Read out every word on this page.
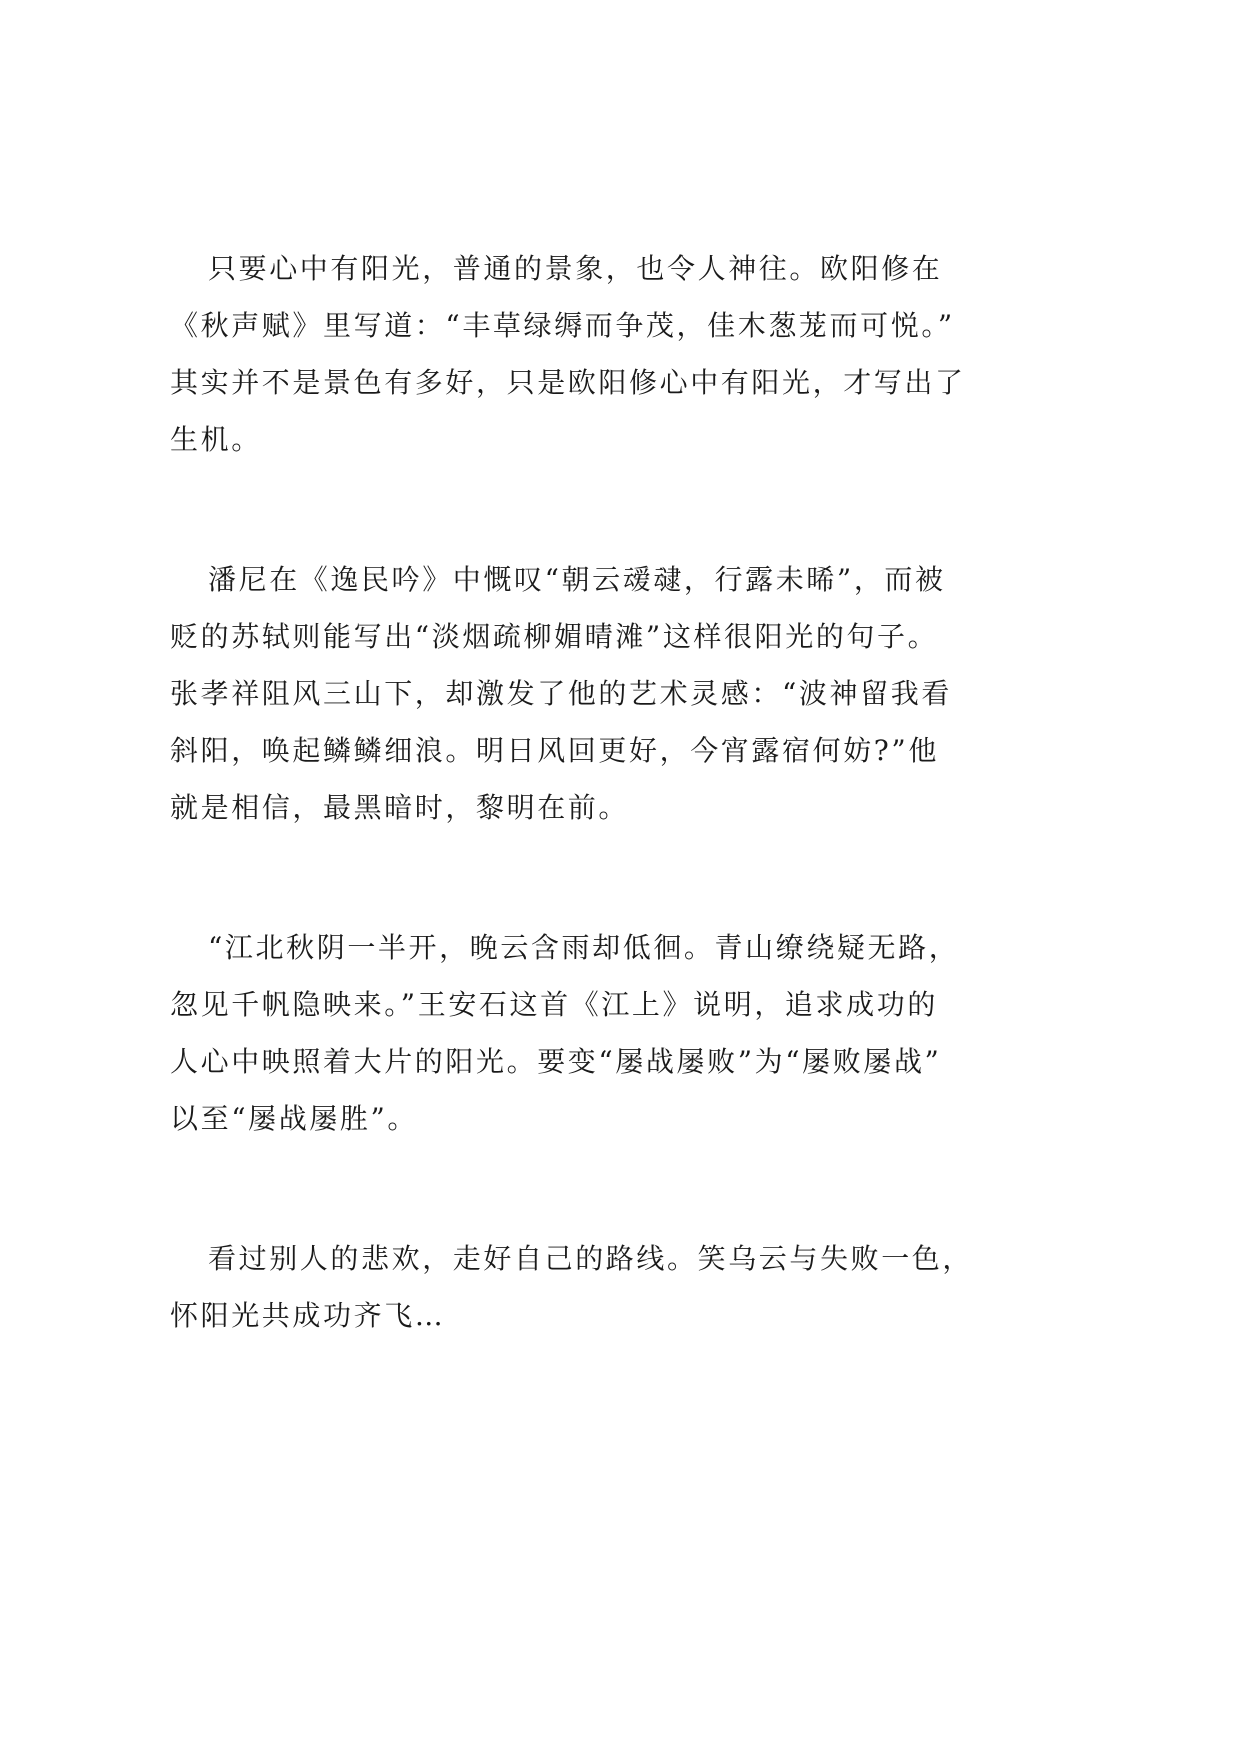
只要心中有阳光，普通的景象，也令人神往。欧阳修在
《秋声赋》里写道：“丰草绿缛而争茂，佳木葱茏而可悦。”
其实并不是景色有多好，只是欧阳修心中有阳光，才写出了
生机。
潘尼在《逸民吟》中慨叹“朝云叆叇，行露未晞”，而被
贬的苏轼则能写出“淡烟疏柳媚晴滩”这样很阳光的句子。
张孝祥阻风三山下，却激发了他的艺术灵感：“波神留我看
斜阳，唤起鳞鳞细浪。明日风回更好，今宵露宿何妨?”他
就是相信，最黑暗时，黎明在前。
“江北秋阴一半开，晚云含雨却低徊。青山缭绕疑无路，
忽见千帆隐映来。”王安石这首《江上》说明，追求成功的
人心中映照着大片的阳光。要变“屡战屡败”为“屡败屡战”
以至“屡战屡胜”。
看过别人的悲欢，走好自己的路线。笑乌云与失败一色，
怀阳光共成功齐飞…
